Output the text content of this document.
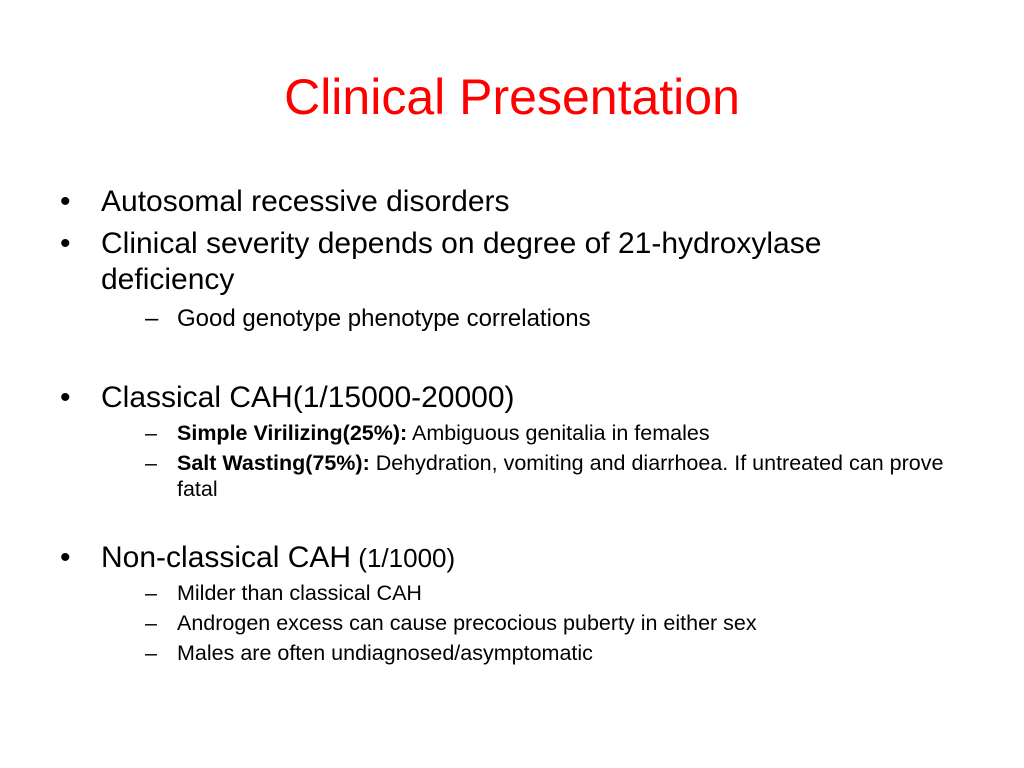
Clinical Presentation
•	Autosomal recessive disorders
•	Clinical severity depends on degree of 21-hydroxylase deficiency
– Good genotype phenotype correlations
•	Classical CAH(1/15000-20000)
– Simple Virilizing(25%): Ambiguous genitalia in females
– Salt Wasting(75%): Dehydration, vomiting and diarrhoea. If untreated can prove fatal
•	Non-classical CAH (1/1000)
– Milder than classical CAH
– Androgen excess can cause precocious puberty in either sex
– Males are often undiagnosed/asymptomatic
